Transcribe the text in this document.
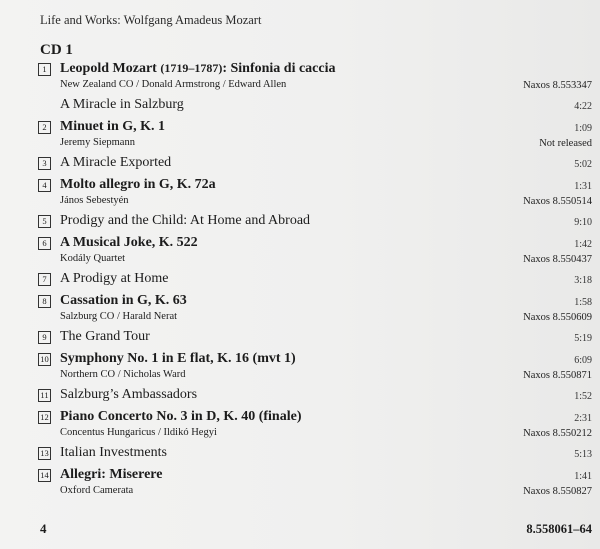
Life and Works: Wolfgang Amadeus Mozart
CD 1
1 Leopold Mozart (1719–1787): Sinfonia di caccia
New Zealand CO / Donald Armstrong / Edward Allen	Naxos 8.553347
A Miracle in Salzburg	4:22
2 Minuet in G, K. 1	1:09
Jeremy Siepmann	Not released
3 A Miracle Exported	5:02
4 Molto allegro in G, K. 72a	1:31
János Sebestyén	Naxos 8.550514
5 Prodigy and the Child: At Home and Abroad	9:10
6 A Musical Joke, K. 522	1:42
Kodály Quartet	Naxos 8.550437
7 A Prodigy at Home	3:18
8 Cassation in G, K. 63	1:58
Salzburg CO / Harald Nerat	Naxos 8.550609
9 The Grand Tour	5:19
10 Symphony No. 1 in E flat, K. 16 (mvt 1)	6:09
Northern CO / Nicholas Ward	Naxos 8.550871
11 Salzburg’s Ambassadors	1:52
12 Piano Concerto No. 3 in D, K. 40 (finale)	2:31
Concentus Hungaricus / Ildikó Hegyi	Naxos 8.550212
13 Italian Investments	5:13
14 Allegri: Miserere	1:41
Oxford Camerata	Naxos 8.550827
4	8.558061–64
